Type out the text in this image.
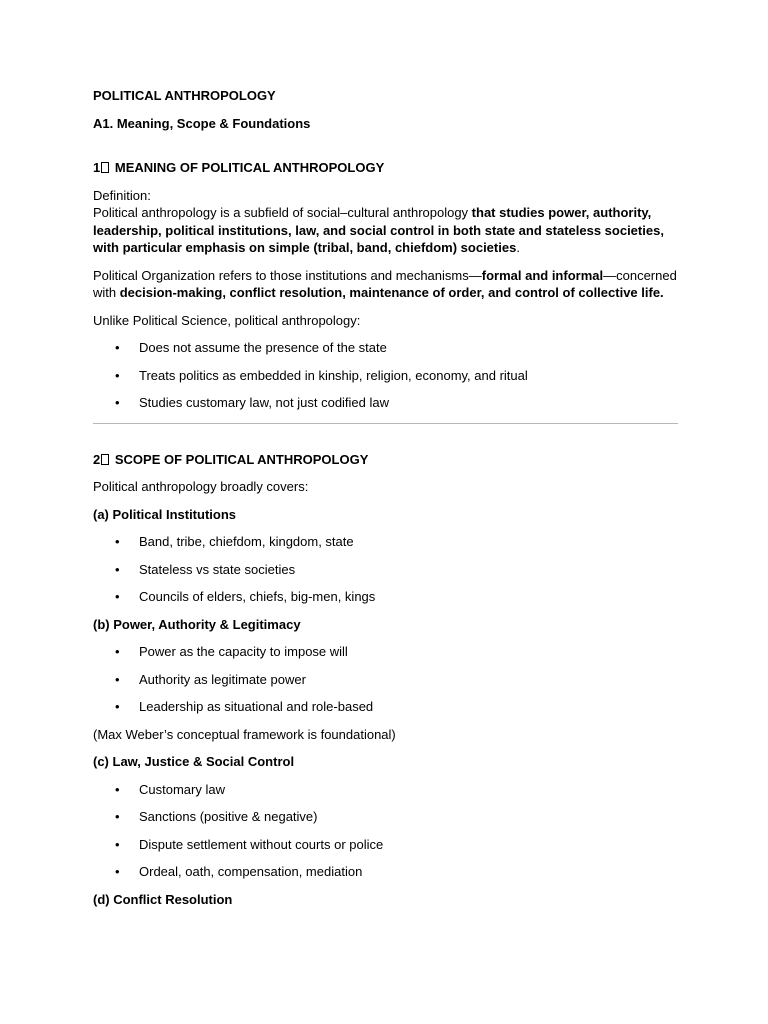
POLITICAL ANTHROPOLOGY

A1. Meaning, Scope & Foundations

1 MEANING OF POLITICAL ANTHROPOLOGY

Definition:
Political anthropology is a subfield of social–cultural anthropology that studies power, authority, leadership, political institutions, law, and social control in both state and stateless societies, with particular emphasis on simple (tribal, band, chiefdom) societies.

Political Organization refers to those institutions and mechanisms—formal and informal—concerned with decision-making, conflict resolution, maintenance of order, and control of collective life.

Unlike Political Science, political anthropology:

• Does not assume the presence of the state
• Treats politics as embedded in kinship, religion, economy, and ritual
• Studies customary law, not just codified law

2 SCOPE OF POLITICAL ANTHROPOLOGY

Political anthropology broadly covers:

(a) Political Institutions

• Band, tribe, chiefdom, kingdom, state
• Stateless vs state societies
• Councils of elders, chiefs, big-men, kings

(b) Power, Authority & Legitimacy

• Power as the capacity to impose will
• Authority as legitimate power
• Leadership as situational and role-based

(Max Weber’s conceptual framework is foundational)

(c) Law, Justice & Social Control

• Customary law
• Sanctions (positive & negative)
• Dispute settlement without courts or police
• Ordeal, oath, compensation, mediation

(d) Conflict Resolution
